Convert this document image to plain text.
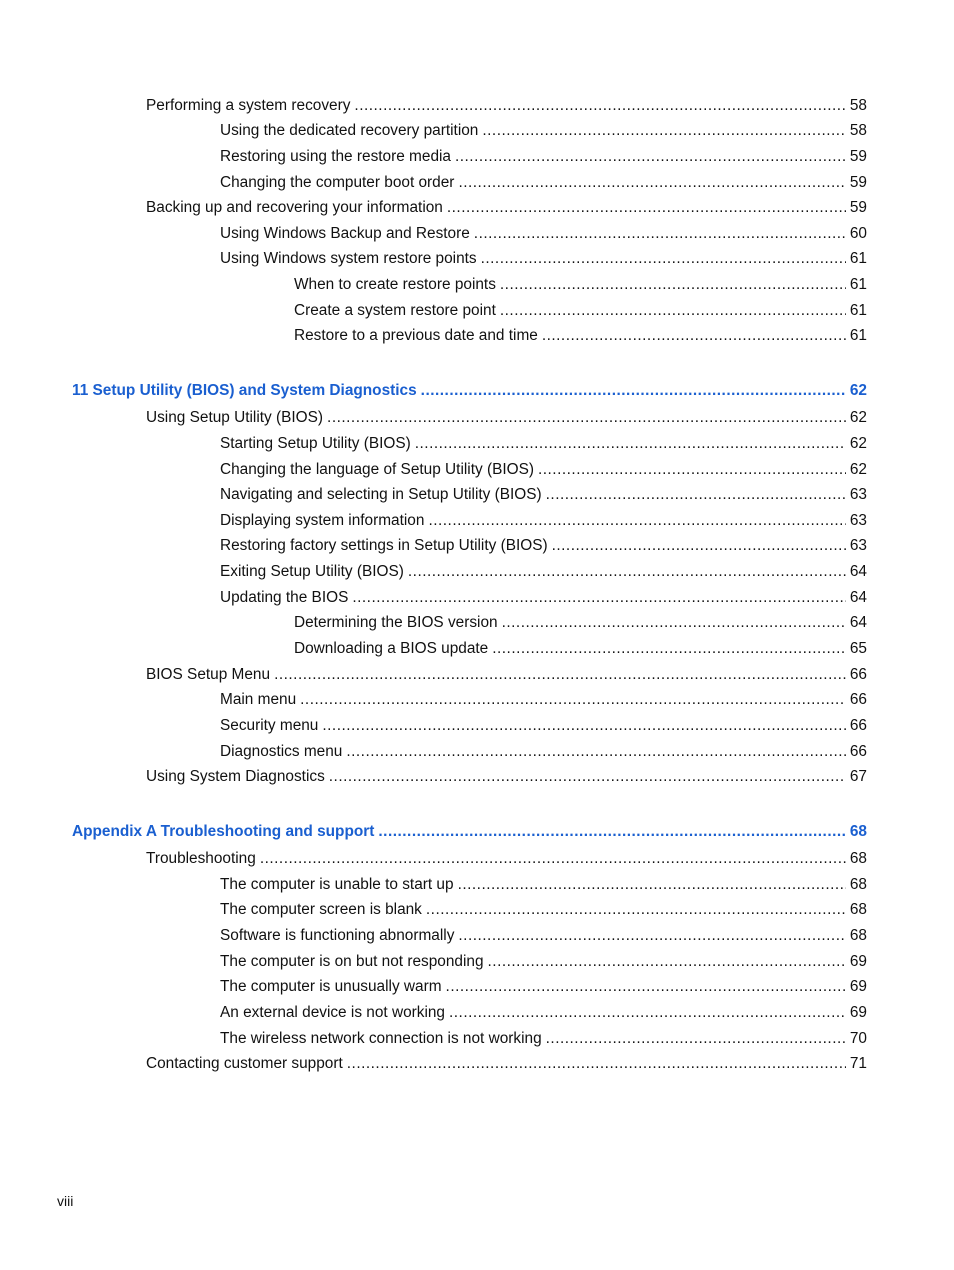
Performing a system recovery .....	58
Using the dedicated recovery partition .....	58
Restoring using the restore media .....	59
Changing the computer boot order .....	59
Backing up and recovering your information .....	59
Using Windows Backup and Restore .....	60
Using Windows system restore points .....	61
When to create restore points .....	61
Create a system restore point .....	61
Restore to a previous date and time .....	61
11 Setup Utility (BIOS) and System Diagnostics .....	62
Using Setup Utility (BIOS) .....	62
Starting Setup Utility (BIOS) .....	62
Changing the language of Setup Utility (BIOS) .....	62
Navigating and selecting in Setup Utility (BIOS) .....	63
Displaying system information .....	63
Restoring factory settings in Setup Utility (BIOS) .....	63
Exiting Setup Utility (BIOS) .....	64
Updating the BIOS .....	64
Determining the BIOS version .....	64
Downloading a BIOS update .....	65
BIOS Setup Menu .....	66
Main menu .....	66
Security menu .....	66
Diagnostics menu .....	66
Using System Diagnostics .....	67
Appendix A Troubleshooting and support .....	68
Troubleshooting .....	68
The computer is unable to start up .....	68
The computer screen is blank .....	68
Software is functioning abnormally .....	68
The computer is on but not responding .....	69
The computer is unusually warm .....	69
An external device is not working .....	69
The wireless network connection is not working .....	70
Contacting customer support .....	71
viii
